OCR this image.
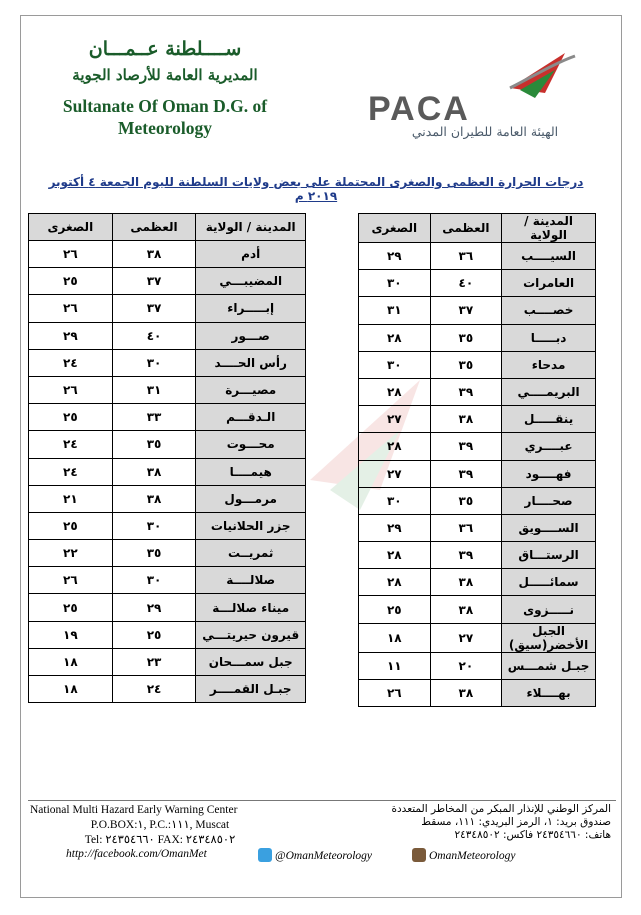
ســــلطنة عــمـــان
المديرية العامة للأرصاد الجوية
Sultanate Of Oman D.G. of
Meteorology	PACA
الهيئة العامة للطيران المدني
درجات الحرارة العظمى والصغرى المحتملة على بعض ولايات السلطنة لليوم الجمعة ٤ أكتوبر ٢٠١٩ م
المدينة / الولاية	العظمى	الصغرى
السيــــب	٣٦	٢٩
العامرات	٤٠	٣٠
خصــــب	٣٧	٣١
دبـــــا	٣٥	٢٨
مدحاء	٣٥	٣٠
البريمــــي	٣٩	٢٨
ينقـــــل	٣٨	٢٧
عبــــري	٣٩	٢٨
فهــــود	٣٩	٢٧
صحــــار	٣٥	٣٠
الســــويق	٣٦	٢٩
الرستـــاق	٣٩	٢٨
سمائـــــل	٣٨	٢٨
نـــــزوى	٣٨	٢٥
الجبل الأخضر(سيق)	٢٧	١٨
جبـل شمـــس	٢٠	١١
بهــــلاء	٣٨	٢٦
المدينة / الولاية	العظمى	الصغرى
أدم	٣٨	٢٦
المضيبـــي	٣٧	٢٥
إبـــــراء	٣٧	٢٦
صـــور	٤٠	٢٩
رأس الحــــد	٣٠	٢٤
مصيـــرة	٣١	٢٦
الـدقـــم	٣٣	٢٥
محـــوت	٣٥	٢٤
هيمــــا	٣٨	٢٤
مرمـــول	٣٨	٢١
جزر الحلانيات	٣٠	٢٥
ثمريــت	٣٥	٢٢
صلالــــة	٣٠	٢٦
ميناء صلالـــة	٢٩	٢٥
قيرون حيريتـــي	٢٥	١٩
جبل سمـــحان	٢٣	١٨
جبـل القمــــر	٢٤	١٨
National Multi Hazard Early Warning Center
P.O.BOX:١, P.C.:١١١, Muscat
Tel: ٢٤٣٥٤٦٦٠ FAX: ٢٤٣٤٨٥٠٢
المركز الوطني للإنذار المبكر من المخاطر المتعددة
صندوق بريد: ١، الرمز البريدي: ١١١، مسقط
هاتف: ٢٤٣٥٤٦٦٠ فاكس: ٢٤٣٤٨٥٠٢
http://facebook.com/OmanMet	@OmanMeteorology	OmanMeteorology
